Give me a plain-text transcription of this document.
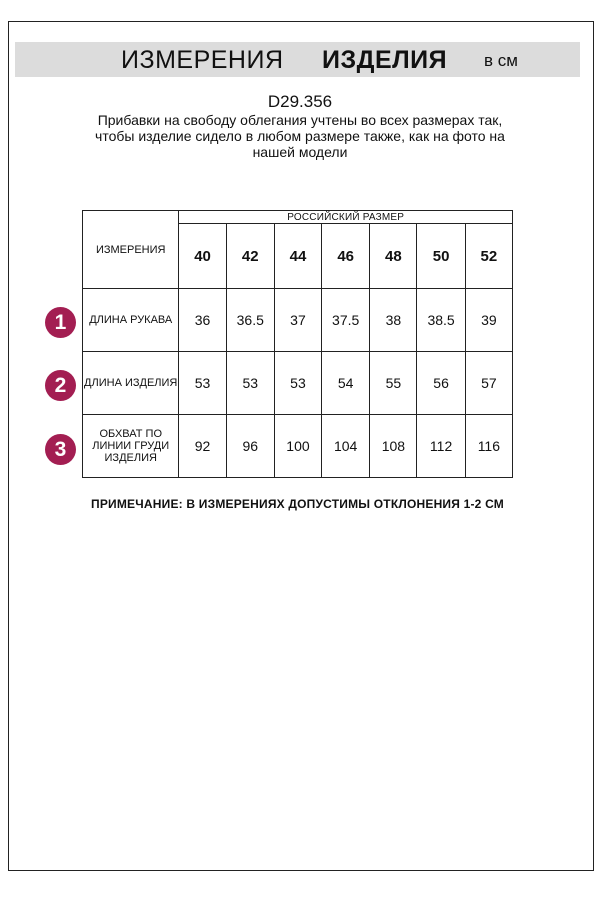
ИЗМЕРЕНИЯ ИЗДЕЛИЯ в см
D29.356
Прибавки на свободу облегания учтены во всех размерах так, чтобы изделие сидело в любом размере также, как на фото на нашей модели
ИЗМЕРЕНИЯ	РОССИЙСКИЙ РАЗМЕР						
	40	42	44	46	48	50	52
ДЛИНА РУКАВА	36	36.5	37	37.5	38	38.5	39
ДЛИНА ИЗДЕЛИЯ	53	53	53	54	55	56	57
ОБХВАТ ПО ЛИНИИ ГРУДИ ИЗДЕЛИЯ	92	96	100	104	108	112	116
1
2
3
ПРИМЕЧАНИЕ: В ИЗМЕРЕНИЯХ ДОПУСТИМЫ ОТКЛОНЕНИЯ 1-2 СМ
